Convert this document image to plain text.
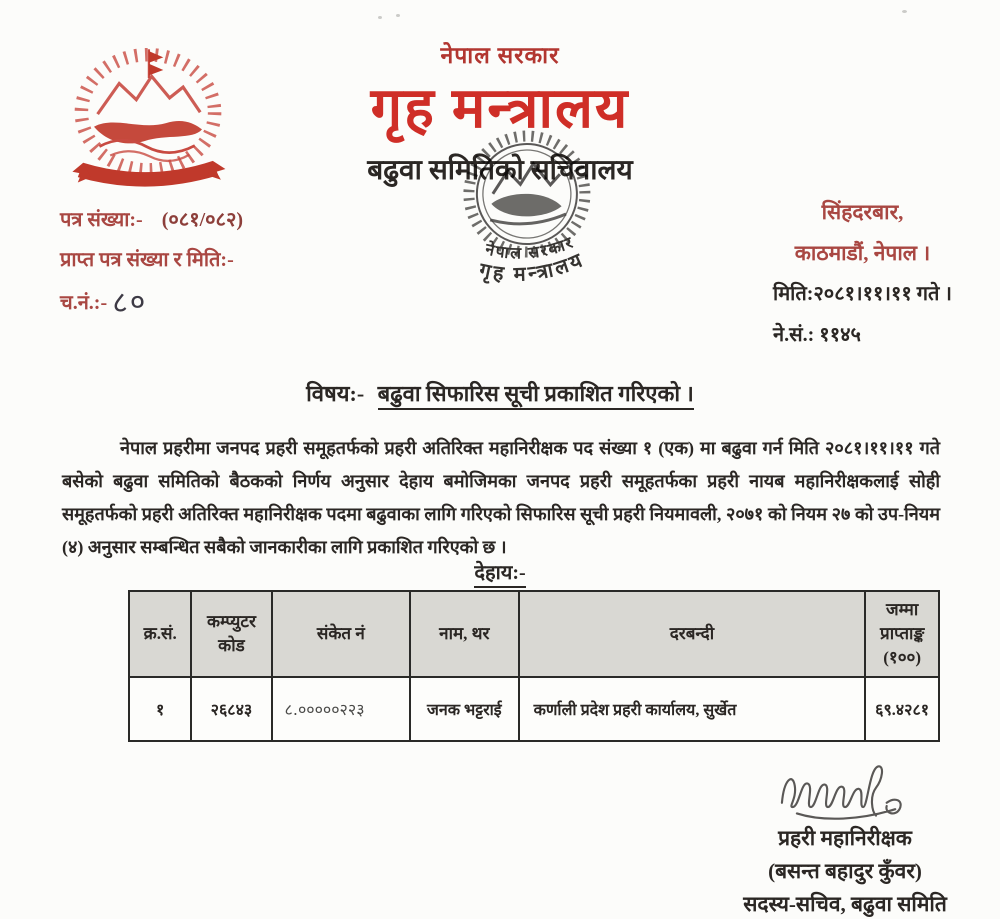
नेपाल सरकार
गृह मन्त्रालय
बढुवा समितिको सचिवालय
नेपाल सरकार
गृह मन्त्रालय
पत्र संख्या:- (०८१/०८२)
प्राप्त पत्र संख्या र मिति:-
च.नं.:- ८०
सिंहदरबार,
काठमाडौं, नेपाल ।
मिति:२०८१।११।११ गते ।
ने.सं.: ११४५
विषय:- बढुवा सिफारिस सूची प्रकाशित गरिएको ।
नेपाल प्रहरीमा जनपद प्रहरी समूहतर्फको प्रहरी अतिरिक्त महानिरीक्षक पद संख्या १ (एक) मा बढुवा गर्न मिति २०८१।११।११ गते बसेको बढुवा समितिको बैठकको निर्णय अनुसार देहाय बमोजिमका जनपद प्रहरी समूहतर्फका प्रहरी नायब महानिरीक्षकलाई सोही समूहतर्फको प्रहरी अतिरिक्त महानिरीक्षक पदमा बढुवाका लागि गरिएको सिफारिस सूची प्रहरी नियमावली, २०७१ को नियम २७ को उप-नियम (४) अनुसार सम्बन्धित सबैको जानकारीका लागि प्रकाशित गरिएको छ ।
देहाय:-
क्र.सं.	कम्प्युटर कोड	संकेत नं	नाम, थर	दरबन्दी	जम्मा प्राप्ताङ्क (१००)
१	२६८४३	८.०००००२२३	जनक भट्टराई	कर्णाली प्रदेश प्रहरी कार्यालय, सुर्खेत	६९.४२८१
प्रहरी महानिरीक्षक
(बसन्त बहादुर कुँवर)
सदस्य-सचिव, बढुवा समिति
